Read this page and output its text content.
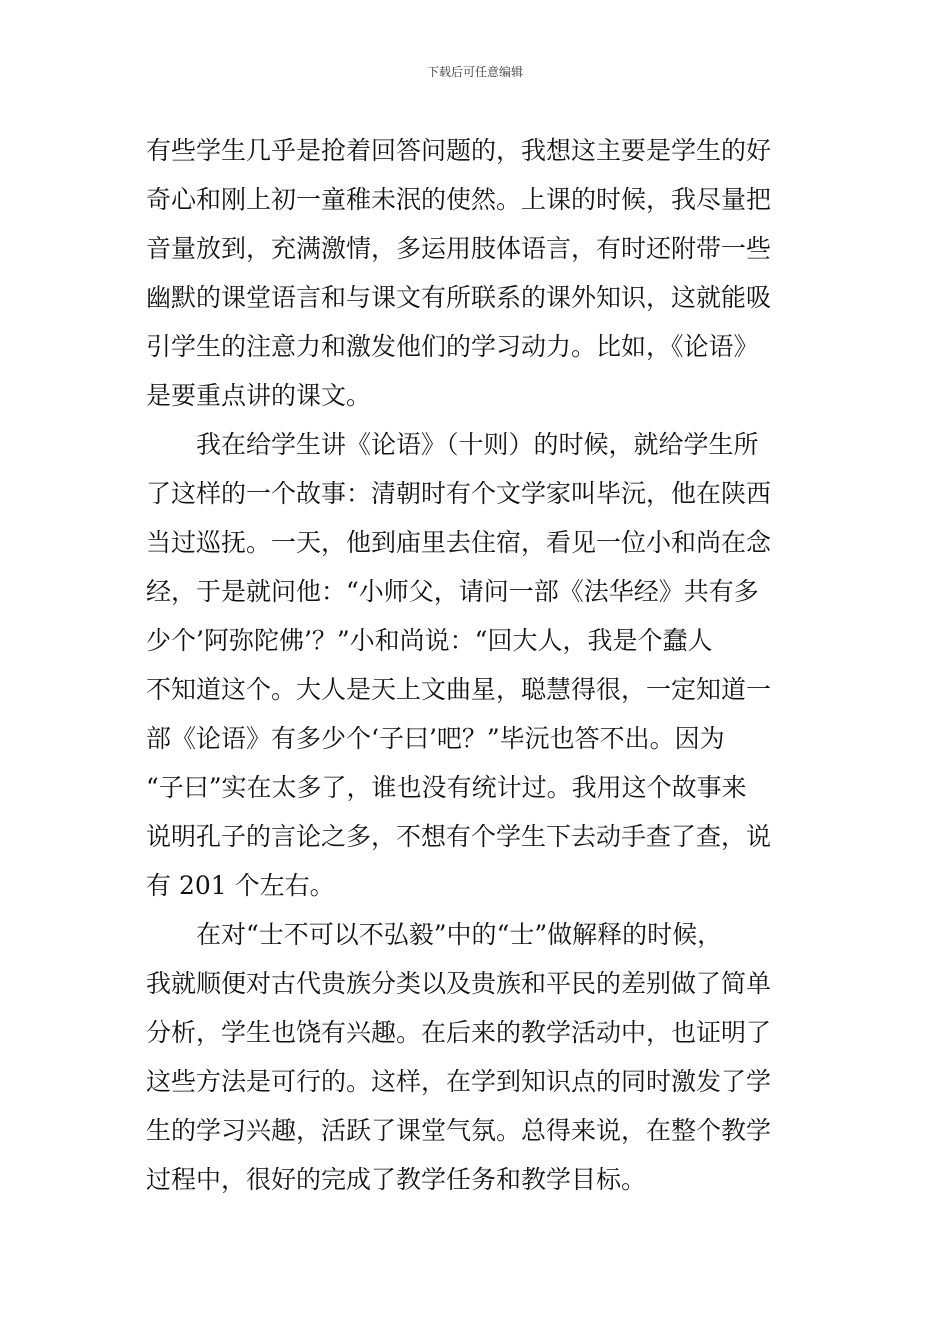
下载后可任意编辑
有些学生几乎是抢着回答问题的，我想这主要是学生的好
奇心和刚上初一童稚未泯的使然。上课的时候，我尽量把
音量放到，充满激情，多运用肢体语言，有时还附带一些
幽默的课堂语言和与课文有所联系的课外知识，这就能吸
引学生的注意力和激发他们的学习动力。比如，《论语》
是要重点讲的课文。
我在给学生讲《论语》（十则）的时候，就给学生所
了这样的一个故事：清朝时有个文学家叫毕沅，他在陕西
当过巡抚。一天，他到庙里去住宿，看见一位小和尚在念
经，于是就问他：“小师父，请问一部《法华经》共有多
少个’阿弥陀佛’？”小和尚说：“回大人，我是个蠢人
不知道这个。大人是天上文曲星，聪慧得很，一定知道一
部《论语》有多少个‘子曰’吧？”毕沅也答不出。因为
“子曰”实在太多了，谁也没有统计过。我用这个故事来
说明孔子的言论之多，不想有个学生下去动手查了查，说
有 201 个左右。
在对“士不可以不弘毅”中的“士”做解释的时候，
我就顺便对古代贵族分类以及贵族和平民的差别做了简单
分析，学生也饶有兴趣。在后来的教学活动中，也证明了
这些方法是可行的。这样，在学到知识点的同时激发了学
生的学习兴趣，活跃了课堂气氛。总得来说，在整个教学
过程中，很好的完成了教学任务和教学目标。
